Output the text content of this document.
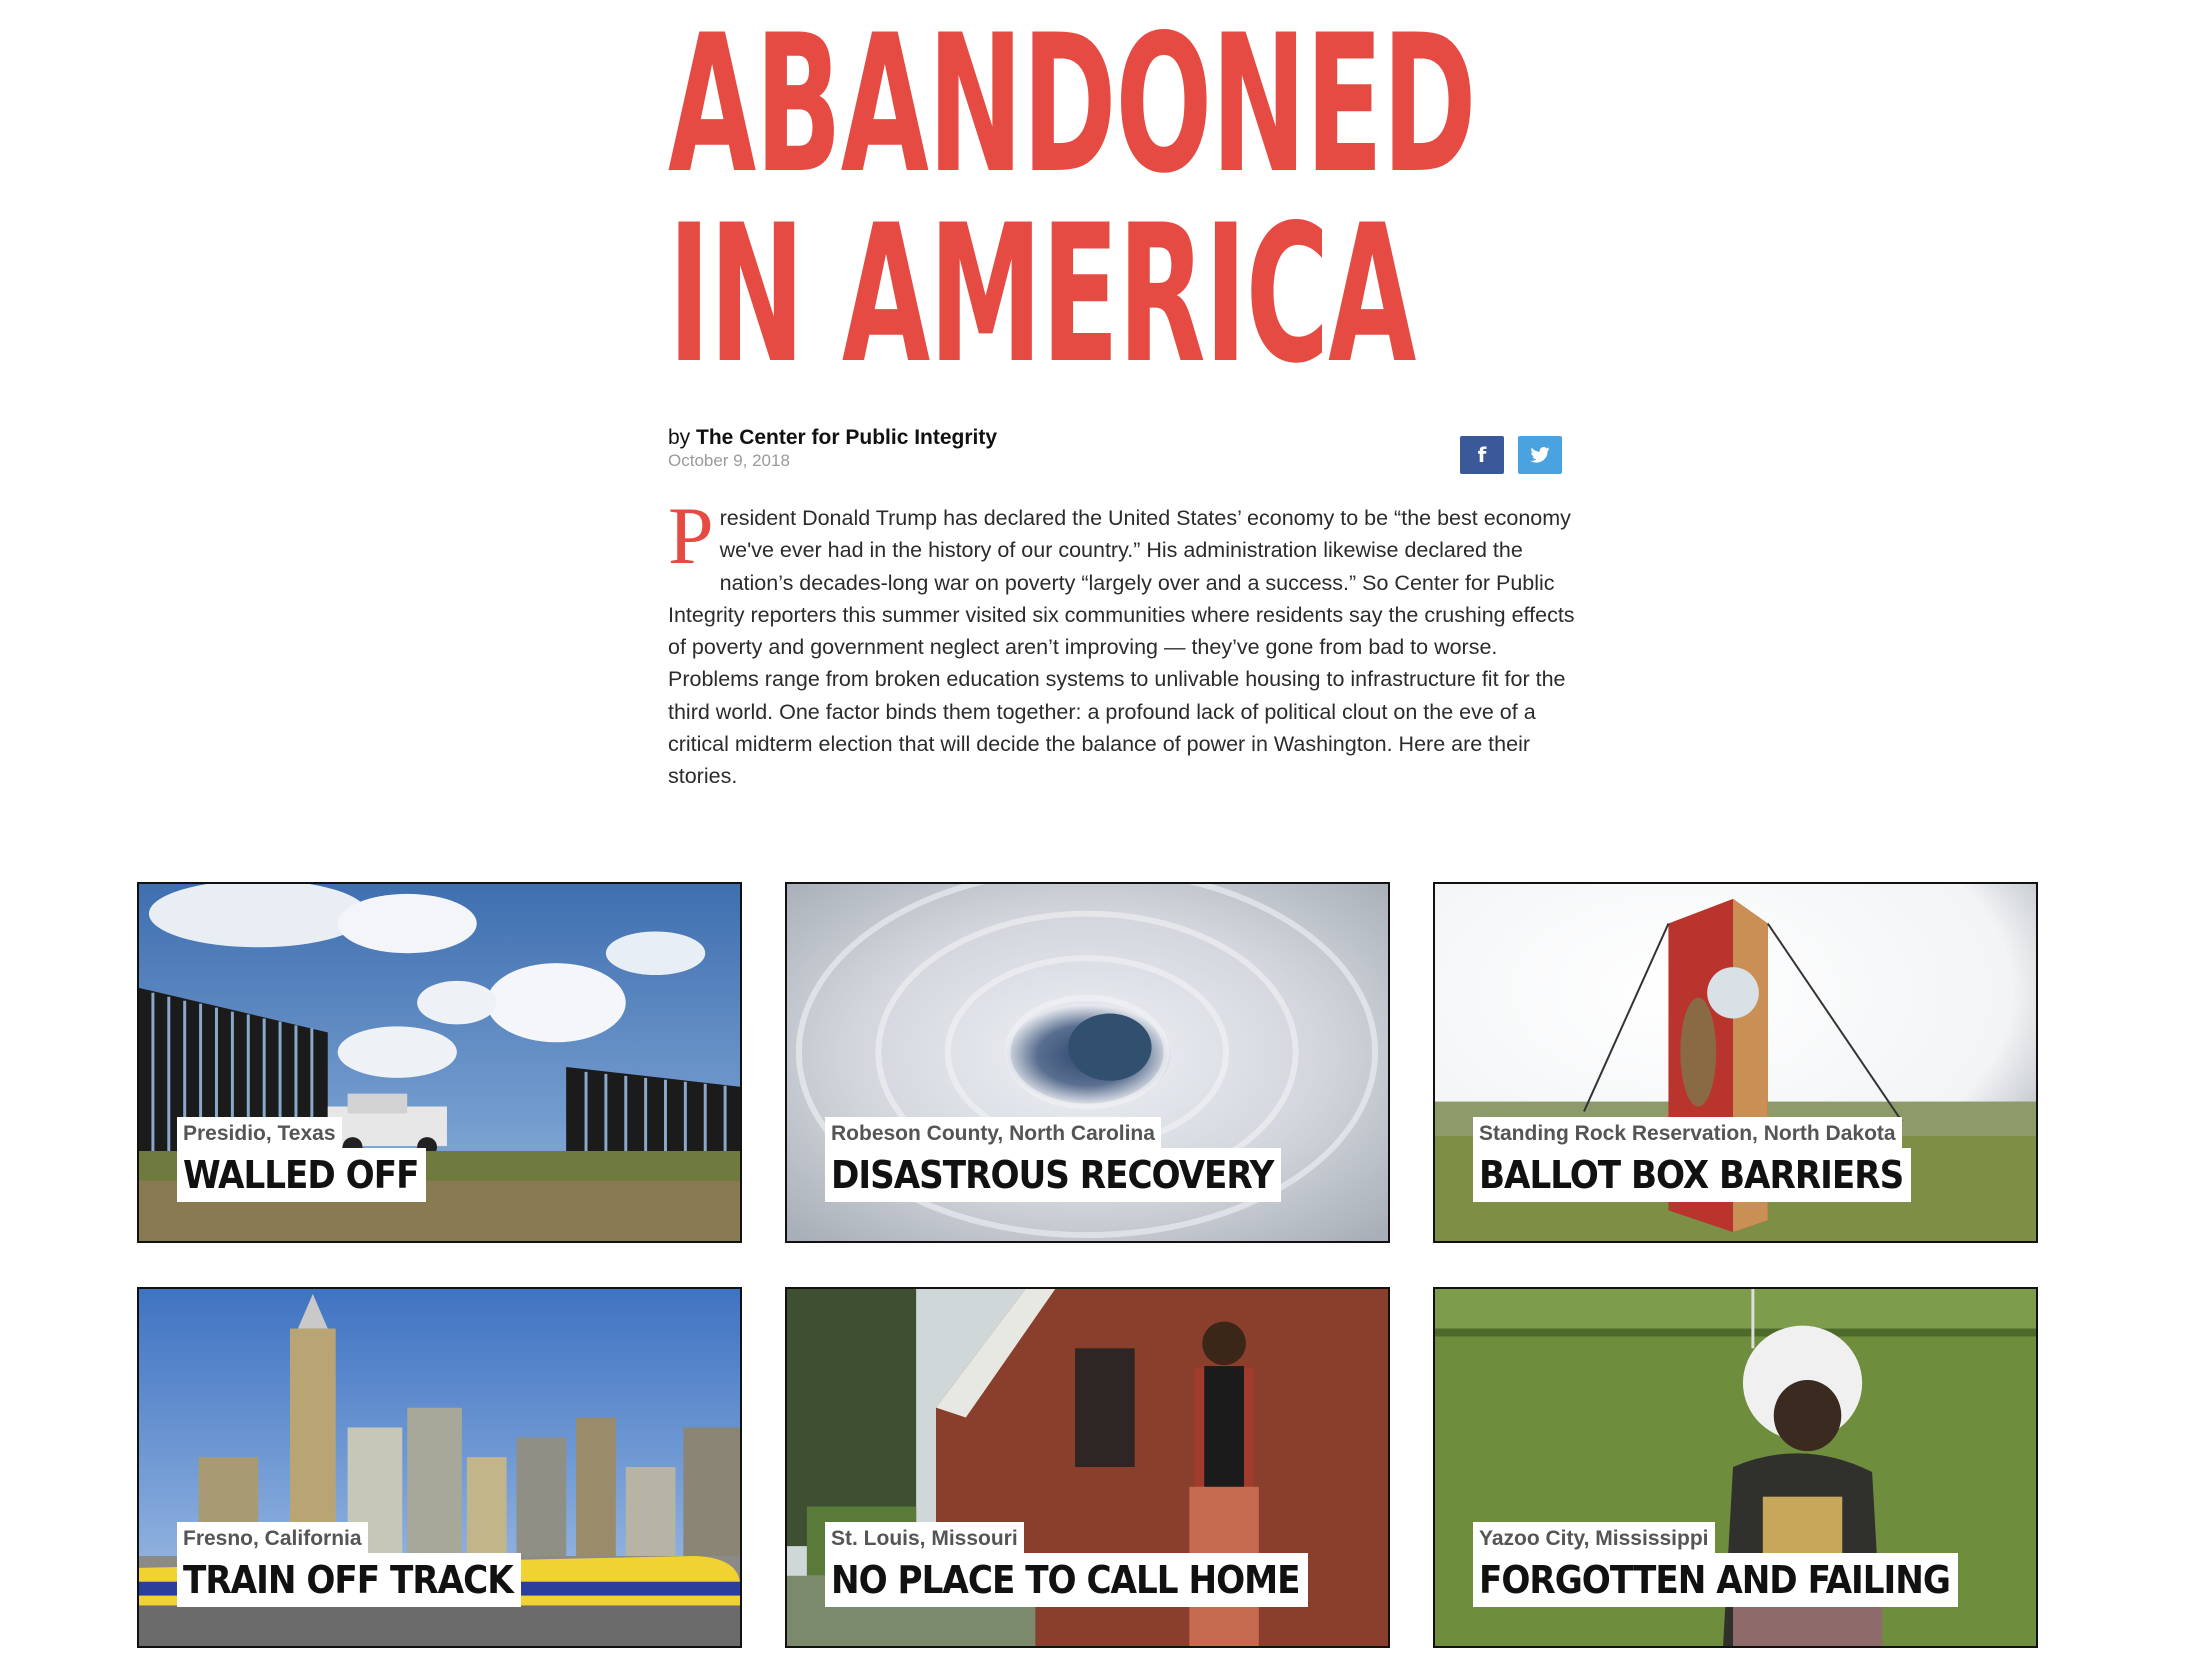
ABANDONED
IN AMERICA
by The Center for Public Integrity
October 9, 2018	f

P resident Donald Trump has declared the United States’ economy to be “the best economy we've ever had in the history of our country.” His administration likewise declared the nation’s decades-long war on poverty “largely over and a success.” So Center for Public Integrity reporters this summer visited six communities where residents say the crushing effects of poverty and government neglect aren’t improving — they’ve gone from bad to worse. Problems range from broken education systems to unlivable housing to infrastructure fit for the third world. One factor binds them together: a profound lack of political clout on the eve of a critical midterm election that will decide the balance of power in Washington. Here are their stories.

Presidio, Texas
WALLED OFF
Robeson County, North Carolina
DISASTROUS RECOVERY
Standing Rock Reservation, North Dakota
BALLOT BOX BARRIERS
Fresno, California
TRAIN OFF TRACK
St. Louis, Missouri
NO PLACE TO CALL HOME
Yazoo City, Mississippi
FORGOTTEN AND FAILING
